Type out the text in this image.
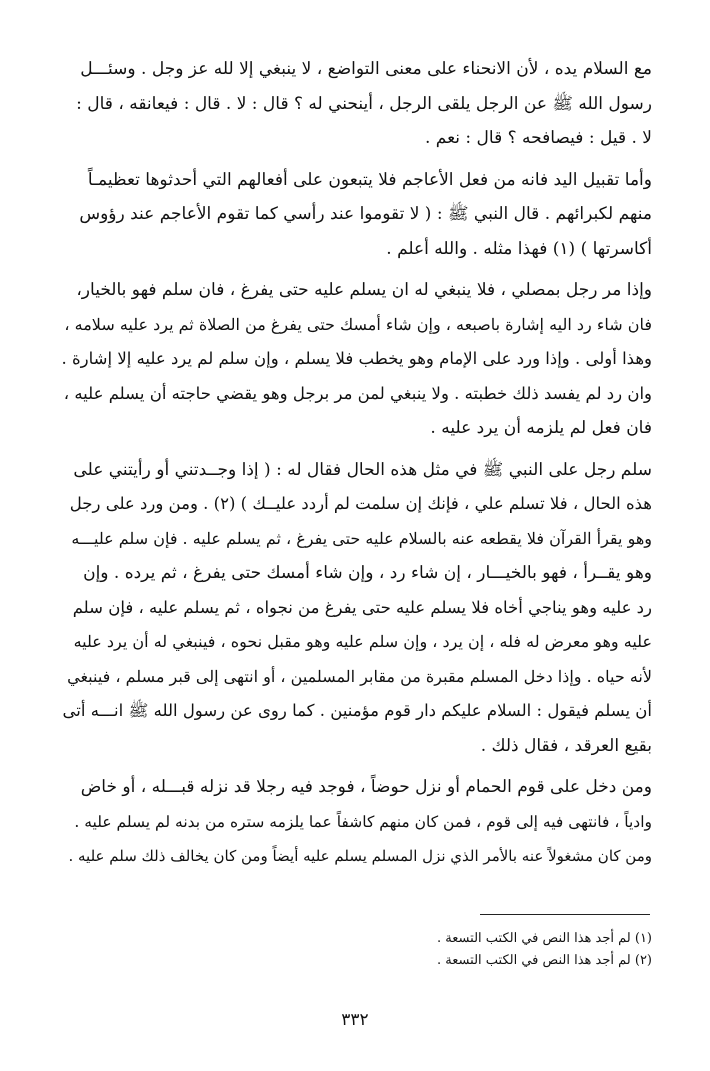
مع السلام يده ، لأن الانحناء على معنى التواضع ، لا ينبغي إلا لله عز وجل . وسئـــل
رسول الله ﷺ عن الرجل يلقى الرجل ، أينحني له ؟ قال : لا . قال : فيعانقه ، قال :
لا . قيل : فيصافحه ؟ قال : نعم .

وأما تقبيل اليد فانه من فعل الأعاجم فلا يتبعون على أفعالهم التي أحدثوها تعظيمـاً
منهم لكبرائهم . قال النبي ﷺ : ( لا تقوموا عند رأسي كما تقوم الأعاجم عند رؤوس
أكاسرتها ) (١) فهذا مثله . والله أعلم .

وإذا مر رجل بمصلي ، فلا ينبغي له ان يسلم عليه حتى يفرغ ، فان سلم فهو بالخيار،
فان شاء رد اليه إشارة باصبعه ، وإن شاء أمسك حتى يفرغ من الصلاة ثم يرد عليه سلامه ،
وهذا أولى . وإذا ورد على الإمام وهو يخطب فلا يسلم ، وإن سلم لم يرد عليه إلا إشارة .
وان رد لم يفسد ذلك خطبته . ولا ينبغي لمن مر برجل وهو يقضي حاجته أن يسلم عليه ،
فان فعل لم يلزمه أن يرد عليه .

سلم رجل على النبي ﷺ في مثل هذه الحال فقال له : ( إذا وجــدتني أو رأيتني على
هذه الحال ، فلا تسلم علي ، فإنك إن سلمت لم أردد عليــك ) (٢) . ومن ورد على رجل
وهو يقرأ القرآن فلا يقطعه عنه بالسلام عليه حتى يفرغ ، ثم يسلم عليه . فإن سلم عليـــه
وهو يقــرأ ، فهو بالخيـــار ، إن شاء رد ، وإن شاء أمسك حتى يفرغ ، ثم يرده . وإن
رد عليه وهو يناجي أخاه فلا يسلم عليه حتى يفرغ من نجواه ، ثم يسلم عليه ، فإن سلم
عليه وهو معرض له فله ، إن يرد ، وإن سلم عليه وهو مقبل نحوه ، فينبغي له أن يرد عليه
لأنه حياه . وإذا دخل المسلم مقبرة من مقابر المسلمين ، أو انتهى إلى قبر مسلم ، فينبغي
أن يسلم فيقول : السلام عليكم دار قوم مؤمنين . كما روى عن رسول الله ﷺ انـــه أتى
بقيع العرقد ، فقال ذلك .

ومن دخل على قوم الحمام أو نزل حوضاً ، فوجد فيه رجلا قد نزله قبـــله ، أو خاض
وادياً ، فانتهى فيه إلى قوم ، فمن كان منهم كاشفاً عما يلزمه ستره من بدنه لم يسلم عليه .
ومن كان مشغولاً عنه بالأمر الذي نزل المسلم يسلم عليه أيضاً ومن كان يخالف ذلك سلم عليه .

(١) لم أجد هذا النص في الكتب التسعة .
(٢) لم أجد هذا النص في الكتب التسعة .
٣٣٢
